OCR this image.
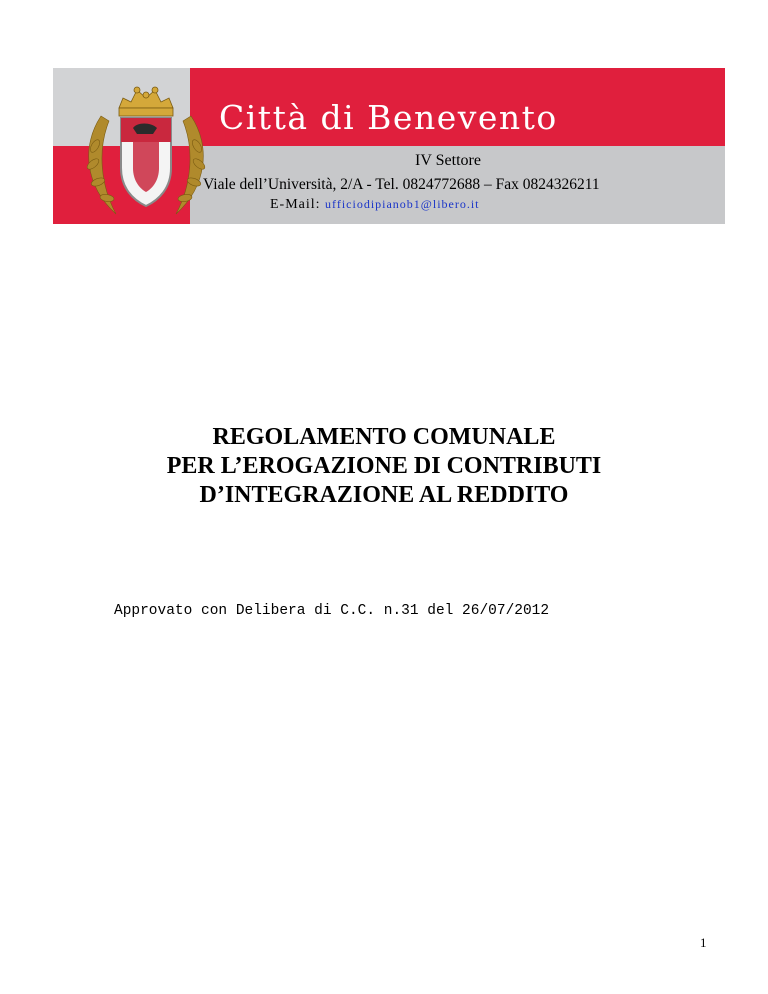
Città di Benevento
IV Settore
Viale dell’Università, 2/A - Tel. 0824772688 – Fax 0824326211
E-Mail: ufficiodipianob1@libero.it
REGOLAMENTO COMUNALE
PER L’EROGAZIONE DI CONTRIBUTI
D’INTEGRAZIONE AL REDDITO
Approvato con Delibera di C.C. n.31 del 26/07/2012
1
